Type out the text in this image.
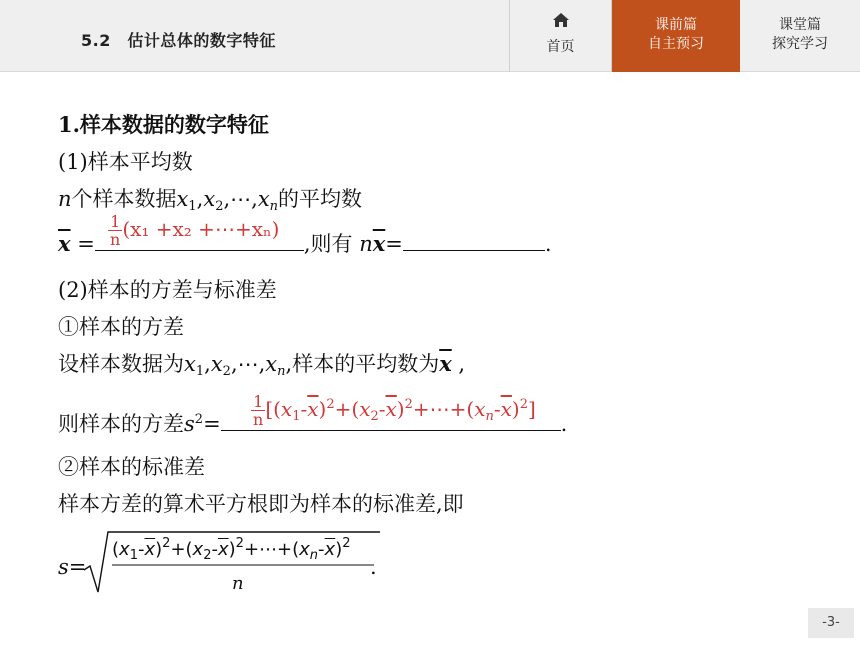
5.2　估计总体的数字特征	首页
课前篇
自主预习
课堂篇
探究学习
1.样本数据的数字特征
(1)样本平均数
n个样本数据$x_1,x_2,\cdots,x_n$的平均数
$\overline{x}$ =	,则有 $n\overline{x}=$	.
$\frac{1}{n} (x_1 +x_2$ +⋯+xₙ)
(2)样本的方差与标准差
①样本的方差
设样本数据为$x_1,x_2,\cdots,x_n$,样本的平均数为$\overline{x}$ ,
则样本的方差$s^2=$	.
$\frac{1}{n}$ $[(x_1-\overline{x})^2+(x_2-\overline{x})^2+\cdots+(x_n-\overline{x})^2]$
②样本的标准差
样本方差的算术平方根即为样本的标准差,即
s=
$(x_1-\overline{x})^2+(x_2-\overline{x})^2+\cdots+(x_n-\overline{x})^2$
n
.
-3-
